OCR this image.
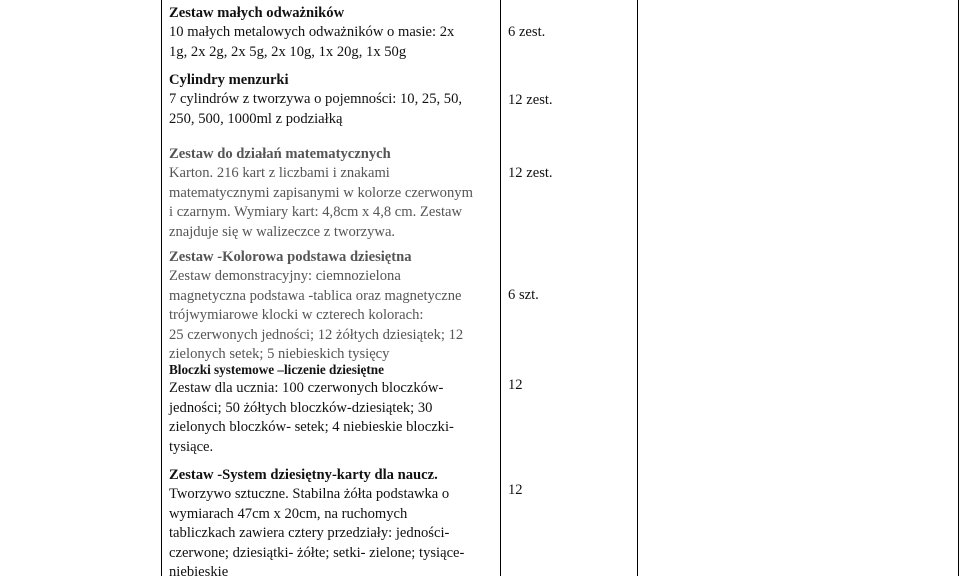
Zestaw małych odważników
10 małych metalowych odważników o masie: 2x
1g, 2x 2g, 2x 5g, 2x 10g, 1x 20g, 1x 50g
6 zest.
Cylindry menzurki
7 cylindrów z tworzywa o pojemności: 10, 25, 50,
250, 500, 1000ml z podziałką
12 zest.
Zestaw do działań matematycznych
Karton. 216 kart z liczbami i znakami
matematycznymi zapisanymi w kolorze czerwonym
i czarnym. Wymiary kart: 4,8cm x 4,8 cm. Zestaw
znajduje się w walizeczce z tworzywa.
12 zest.
Zestaw -Kolorowa podstawa dziesiętna
Zestaw demonstracyjny: ciemnozielona
magnetyczna podstawa -tablica oraz magnetyczne
trójwymiarowe klocki w czterech kolorach:
25 czerwonych jedności; 12 żółtych dziesiątek; 12
zielonych setek; 5 niebieskich tysięcy
6 szt.
Bloczki systemowe –liczenie dziesiętne
Zestaw dla ucznia: 100 czerwonych bloczków-
jedności; 50 żółtych bloczków-dziesiątek; 30
zielonych bloczków- setek; 4 niebieskie bloczki-
tysiące.
12
Zestaw -System dziesiętny-karty dla naucz.
Tworzywo sztuczne. Stabilna żółta podstawka o
wymiarach 47cm x 20cm, na ruchomych
tabliczkach zawiera cztery przedziały: jedności-
czerwone; dziesiątki- żółte; setki- zielone; tysiące-
niebieskie
12
